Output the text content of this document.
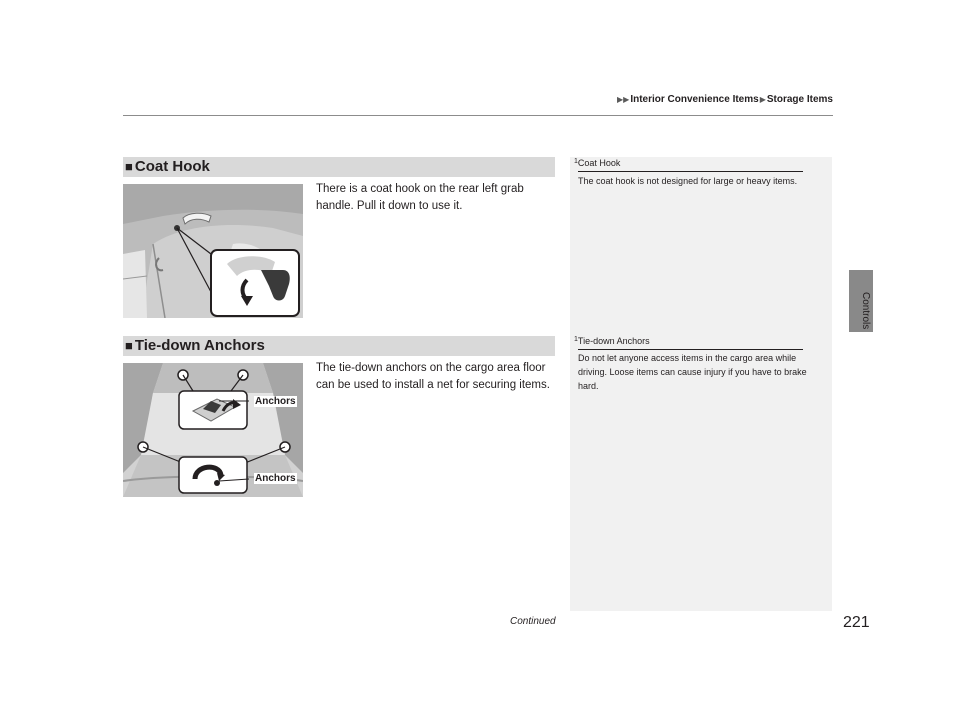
▶▶Interior Convenience Items▶Storage Items
Controls
■ Coat Hook
There is a coat hook on the rear left grab handle. Pull it down to use it.
■ Tie-down Anchors
The tie-down anchors on the cargo area floor can be used to install a net for securing items.
Anchors
Anchors
$^1$Coat Hook
The coat hook is not designed for large or heavy items.
$^1$Tie-down Anchors
Do not let anyone access items in the cargo area while driving. Loose items can cause injury if you have to brake hard.
Continued	221
